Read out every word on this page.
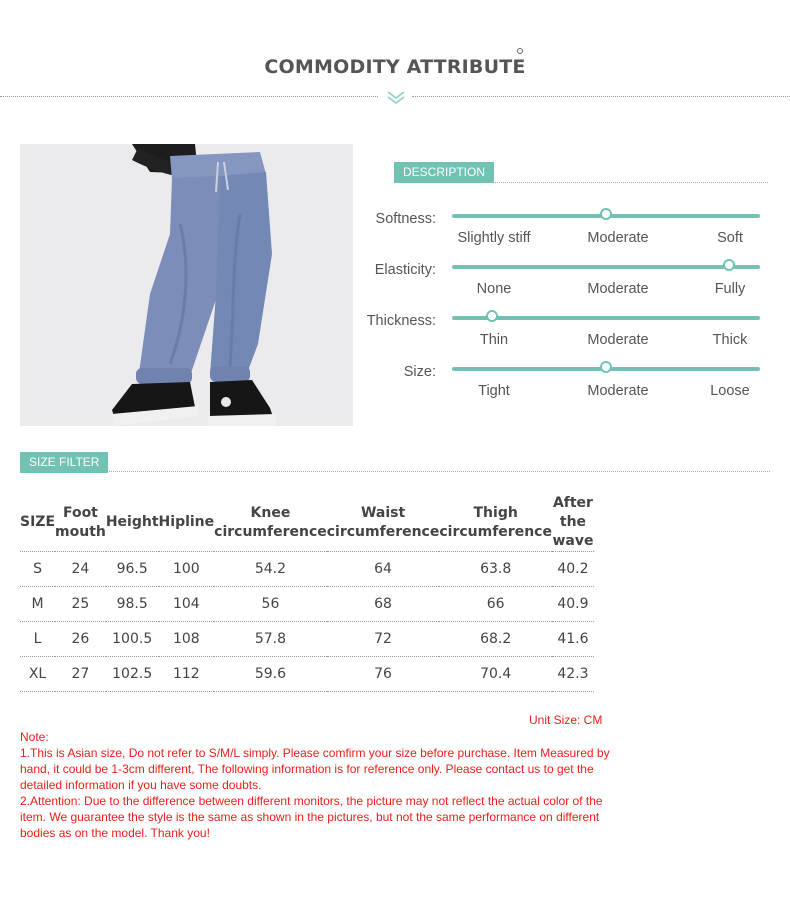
COMMODITY ATTRIBUTE
DESCRIPTION
Softness:
Slightly stiff	Moderate	Soft
Elasticity:
None	Moderate	Fully
Thickness:
Thin	Moderate	Thick
Size:
Tight	Moderate	Loose
SIZE FILTER
SIZE	Foot mouth	Height	Hipline	Knee circumference	Waist circumference	Thigh circumference	After the wave
S	24	96.5	100	54.2	64	63.8	40.2
M	25	98.5	104	56	68	66	40.9
L	26	100.5	108	57.8	72	68.2	41.6
XL	27	102.5	112	59.6	76	70.4	42.3
Unit Size: CM
Note:
1.This is Asian size, Do not refer to S/M/L simply. Please comfirm your size before purchase. Item Measured by hand, it could be 1-3cm different, The following information is for reference only. Please contact us to get the detailed information if you have some doubts.
2.Attention: Due to the difference between different monitors, the picture may not reflect the actual color of the item. We guarantee the style is the same as shown in the pictures, but not the same performance on different bodies as on the model. Thank you!
